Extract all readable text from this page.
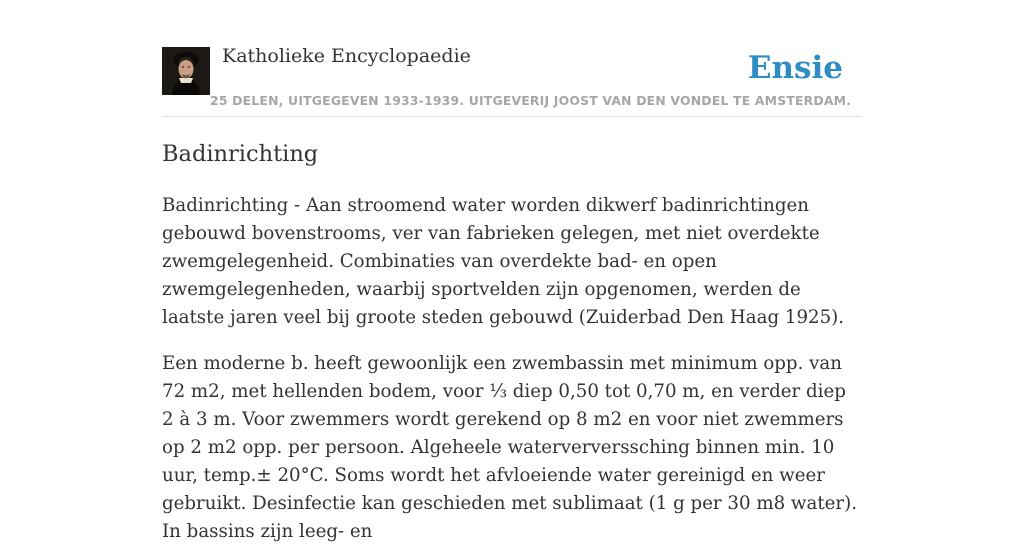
Katholieke Encyclopaedie
25 DELEN, UITGEGEVEN 1933-1939. UITGEVERIJ JOOST VAN DEN VONDEL TE AMSTERDAM.
Ensie
Badinrichting

Badinrichting - Aan stroomend water worden dikwerf badinrichtingen gebouwd bovenstrooms, ver van fabrieken gelegen, met niet overdekte zwemgelegenheid. Combinaties van overdekte bad- en open zwemgelegenheden, waarbij sportvelden zijn opgenomen, werden de laatste jaren veel bij groote steden gebouwd (Zuiderbad Den Haag 1925).

Een moderne b. heeft gewoonlijk een zwembassin met minimum opp. van 72 m2, met hellenden bodem, voor ⅓ diep 0,50 tot 0,70 m, en verder diep 2 à 3 m. Voor zwemmers wordt gerekend op 8 m2 en voor niet zwemmers op 2 m2 opp. per persoon. Algeheele waterververssching binnen min. 10 uur, temp.± 20°C. Soms wordt het afvloeiende water gereinigd en weer gebruikt. Desinfectie kan geschieden met sublimaat (1 g per 30 m8 water). In bassins zijn leeg- en
